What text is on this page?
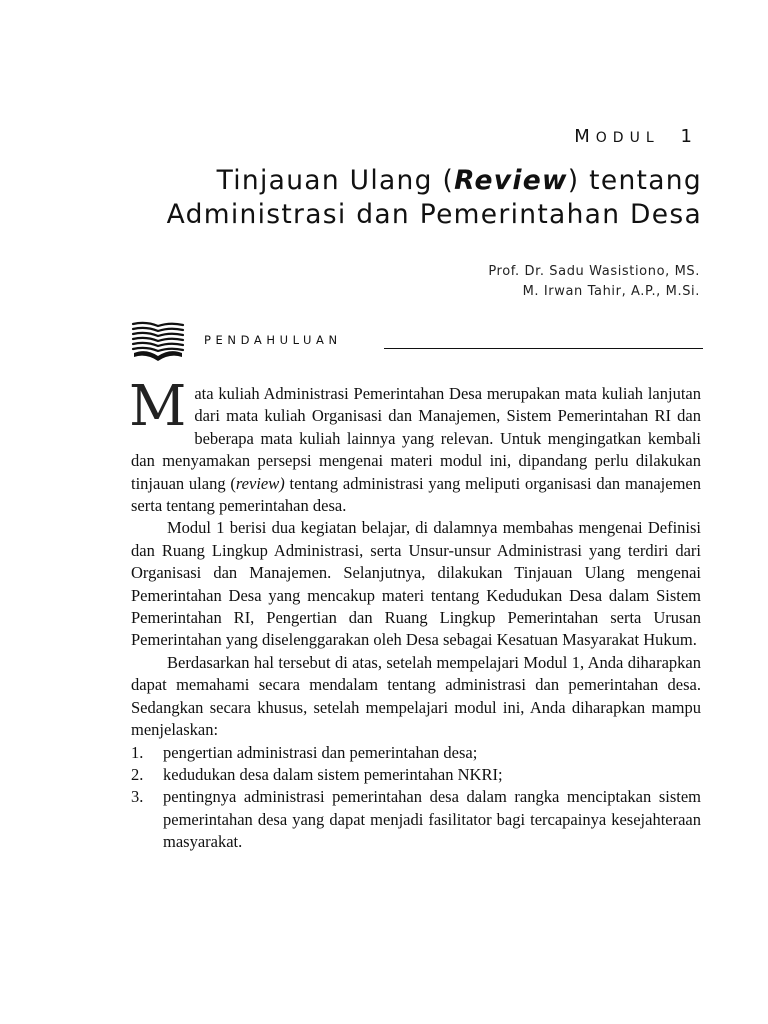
MODUL 1
Tinjauan Ulang (Review) tentang
Administrasi dan Pemerintahan Desa
Prof. Dr. Sadu Wasistiono, MS.
M. Irwan Tahir, A.P., M.Si.
PENDAHULUAN

Mata kuliah Administrasi Pemerintahan Desa merupakan mata kuliah lanjutan dari mata kuliah Organisasi dan Manajemen, Sistem Pemerintahan RI dan beberapa mata kuliah lainnya yang relevan. Untuk mengingatkan kembali dan menyamakan persepsi mengenai materi modul ini, dipandang perlu dilakukan tinjauan ulang (review) tentang administrasi yang meliputi organisasi dan manajemen serta tentang pemerintahan desa.

Modul 1 berisi dua kegiatan belajar, di dalamnya membahas mengenai Definisi dan Ruang Lingkup Administrasi, serta Unsur-unsur Administrasi yang terdiri dari Organisasi dan Manajemen. Selanjutnya, dilakukan Tinjauan Ulang mengenai Pemerintahan Desa yang mencakup materi tentang Kedudukan Desa dalam Sistem Pemerintahan RI, Pengertian dan Ruang Lingkup Pemerintahan serta Urusan Pemerintahan yang diselenggarakan oleh Desa sebagai Kesatuan Masyarakat Hukum.

Berdasarkan hal tersebut di atas, setelah mempelajari Modul 1, Anda diharapkan dapat memahami secara mendalam tentang administrasi dan pemerintahan desa. Sedangkan secara khusus, setelah mempelajari modul ini, Anda diharapkan mampu menjelaskan:

1. pengertian administrasi dan pemerintahan desa;
2. kedudukan desa dalam sistem pemerintahan NKRI;
3. pentingnya administrasi pemerintahan desa dalam rangka menciptakan sistem pemerintahan desa yang dapat menjadi fasilitator bagi tercapainya kesejahteraan masyarakat.
